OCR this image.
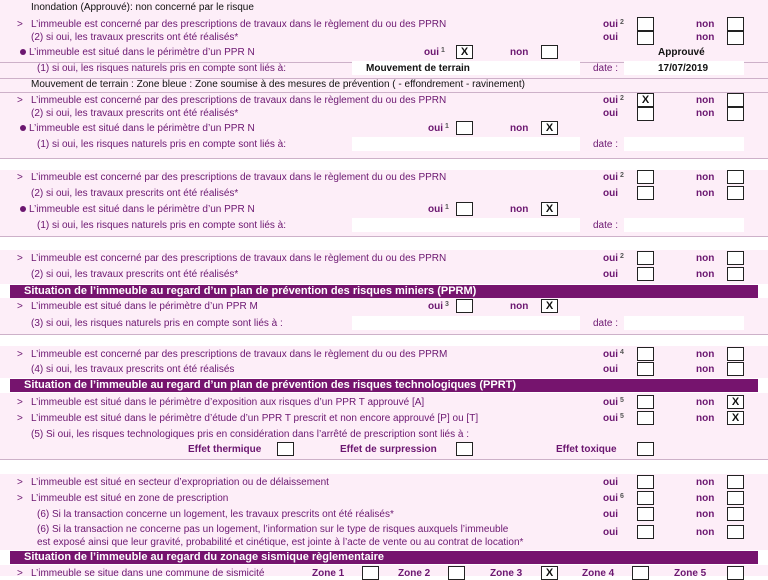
Inondation (Approuvé): non concerné par le risque
> L’immeuble est concerné par des prescriptions de travaux dans le règlement du ou des PPRN	oui $^2$	non
(2) si oui, les travaux prescrits ont été réalisés*	oui	non
L’immeuble est situé dans le périmètre d’un PPR N	oui $^1$	X	non	Approuvé
(1) si oui, les risques naturels pris en compte sont liés à:	Mouvement de terrain	date :	17/07/2019
Mouvement de terrain : Zone bleue : Zone soumise à des mesures de prévention ( - effondrement - ravinement)
> L’immeuble est concerné par des prescriptions de travaux dans le règlement du ou des PPRN	oui $^2$	X	non
(2) si oui, les travaux prescrits ont été réalisés*	oui	non
L’immeuble est situé dans le périmètre d’un PPR N	oui $^1$	non	X
(1) si oui, les risques naturels pris en compte sont liés à:	date :
> L’immeuble est concerné par des prescriptions de travaux dans le règlement du ou des PPRN	oui $^2$	non
(2) si oui, les travaux prescrits ont été réalisés*	oui	non
L’immeuble est situé dans le périmètre d’un PPR N	oui $^1$	non	X
(1) si oui, les risques naturels pris en compte sont liés à:	date :
> L’immeuble est concerné par des prescriptions de travaux dans le règlement du ou des PPRN	oui $^2$	non
(2) si oui, les travaux prescrits ont été réalisés*	oui	non
Situation de l’immeuble au regard d’un plan de prévention des risques miniers (PPRM)
> L’immeuble est situé dans le périmètre d’un PPR M	oui $^3$	non	X
(3) si oui, les risques naturels pris en compte sont liés à :	date :
> L’immeuble est concerné par des prescriptions de travaux dans le règlement du ou des PPRM	oui $^4$	non
(4) si oui, les travaux prescrits ont été réalisés	oui	non
Situation de l’immeuble au regard d’un plan de prévention des risques technologiques (PPRT)
> L’immeuble est situé dans le périmètre d’exposition aux risques d’un PPR T approuvé [A]	oui $^5$	non	X
> L’immeuble est situé dans le périmètre d’étude d’un PPR T prescrit et non encore approuvé [P] ou [T]	oui $^5$	non	X
(5) Si oui, les risques technologiques pris en considération dans l’arrêté de prescription sont liés à :
Effet thermique	Effet de surpression	Effet toxique
> L’immeuble est situé en secteur d’expropriation ou de délaissement	oui	non
> L’immeuble est situé en zone de prescription	oui $^6$	non
(6) Si la transaction concerne un logement, les travaux prescrits ont été réalisés*	oui	non
(6) Si la transaction ne concerne pas un logement, l’information sur le type de risques auxquels l’immeuble
est exposé ainsi que leur gravité, probabilité et cinétique, est jointe à l’acte de vente ou au contrat de location*
oui	non
Situation de l’immeuble au regard du zonage sismique règlementaire
> L’immeuble se situe dans une commune de sismicité	Zone 1	Zone 2	Zone 3	X	Zone 4	Zone 5
